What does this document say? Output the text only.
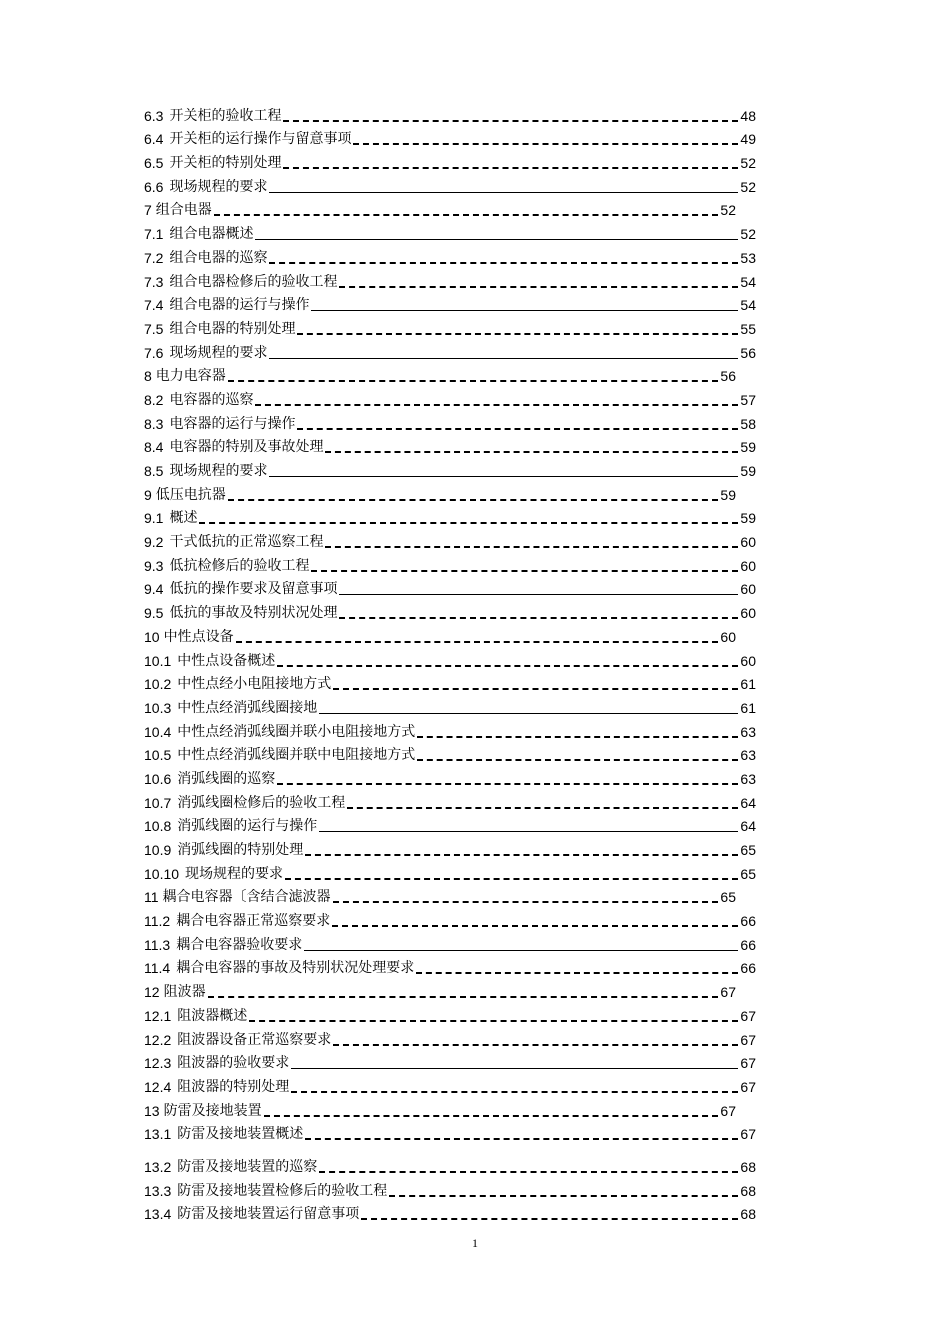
6.3 开关柜的验收工程	48
6.4 开关柜的运行操作与留意事项	49
6.5 开关柜的特别处理	52
6.6 现场规程的要求	52
7 组合电器	52
7.1 组合电器概述	52
7.2 组合电器的巡察	53
7.3 组合电器检修后的验收工程	54
7.4 组合电器的运行与操作	54
7.5 组合电器的特别处理	55
7.6 现场规程的要求	56
8 电力电容器	56
8.2 电容器的巡察	57
8.3 电容器的运行与操作	58
8.4 电容器的特别及事故处理	59
8.5 现场规程的要求	59
9 低压电抗器	59
9.1 概述	59
9.2 干式低抗的正常巡察工程	60
9.3 低抗检修后的验收工程	60
9.4 低抗的操作要求及留意事项	60
9.5 低抗的事故及特别状况处理	60
10 中性点设备	60
10.1 中性点设备概述	60
10.2 中性点经小电阻接地方式	61
10.3 中性点经消弧线圈接地	61
10.4 中性点经消弧线圈并联小电阻接地方式	63
10.5 中性点经消弧线圈并联中电阻接地方式	63
10.6 消弧线圈的巡察	63
10.7 消弧线圈检修后的验收工程	64
10.8 消弧线圈的运行与操作	64
10.9 消弧线圈的特别处理	65
10.10 现场规程的要求	65
11 耦合电容器〔含结合滤波器	65
11.2 耦合电容器正常巡察要求	66
11.3 耦合电容器验收要求	66
11.4 耦合电容器的事故及特别状况处理要求	66
12 阻波器	67
12.1 阻波器概述	67
12.2 阻波器设备正常巡察要求	67
12.3 阻波器的验收要求	67
12.4 阻波器的特别处理	67
13 防雷及接地装置	67
13.1 防雷及接地装置概述	67
13.2 防雷及接地装置的巡察	68
13.3 防雷及接地装置检修后的验收工程	68
13.4 防雷及接地装置运行留意事项	68
1
